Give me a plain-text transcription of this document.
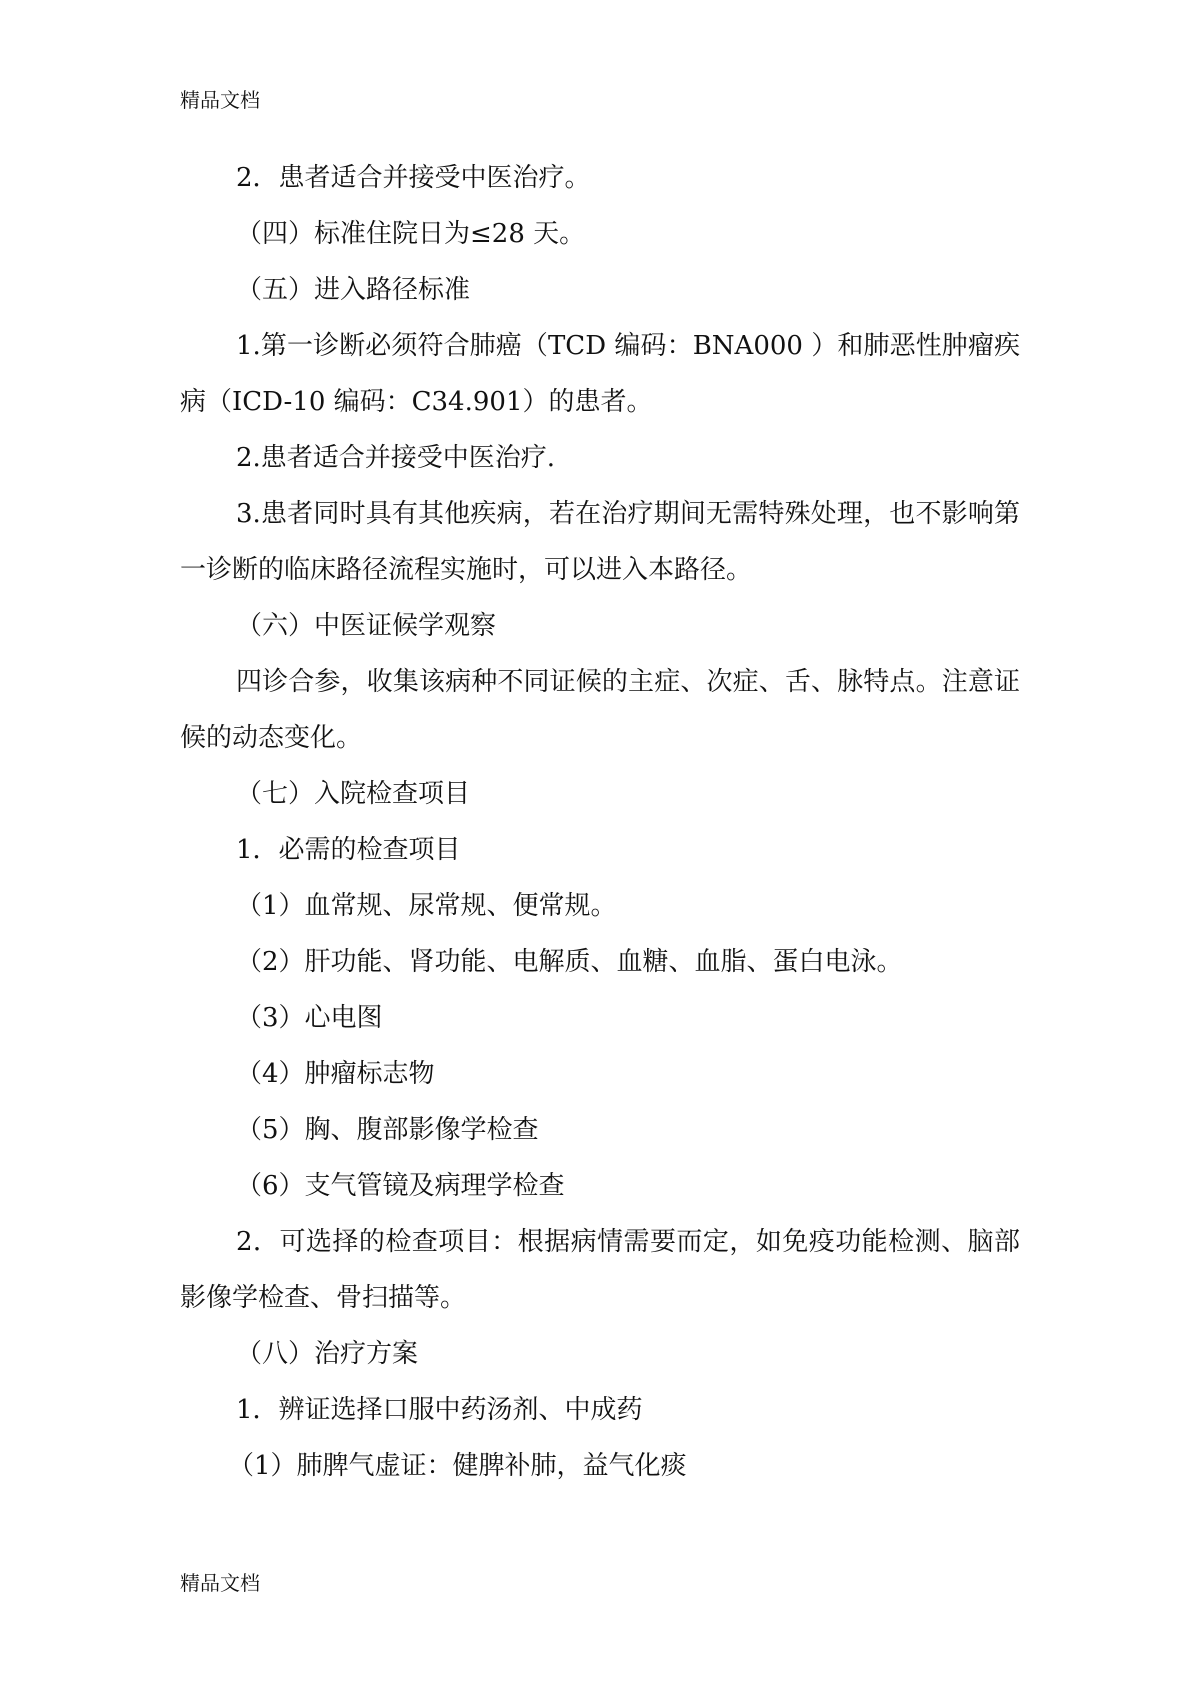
精品文档

2．患者适合并接受中医治疗。

（四）标准住院日为≤28 天。

（五）进入路径标准

1.第一诊断必须符合肺癌（TCD 编码：BNA000 ）和肺恶性肿瘤疾病（ICD-10 编码：C34.901）的患者。

2.患者适合并接受中医治疗.

3.患者同时具有其他疾病，若在治疗期间无需特殊处理，也不影响第一诊断的临床路径流程实施时，可以进入本路径。

（六）中医证候学观察

四诊合参，收集该病种不同证候的主症、次症、舌、脉特点。注意证候的动态变化。

（七）入院检查项目

1．必需的检查项目

（1）血常规、尿常规、便常规。

（2）肝功能、肾功能、电解质、血糖、血脂、蛋白电泳。

（3）心电图

（4）肿瘤标志物

（5）胸、腹部影像学检查

（6）支气管镜及病理学检查

2．可选择的检查项目：根据病情需要而定，如免疫功能检测、脑部影像学检查、骨扫描等。

（八）治疗方案

1．辨证选择口服中药汤剂、中成药

（1）肺脾气虚证：健脾补肺，益气化痰

精品文档
